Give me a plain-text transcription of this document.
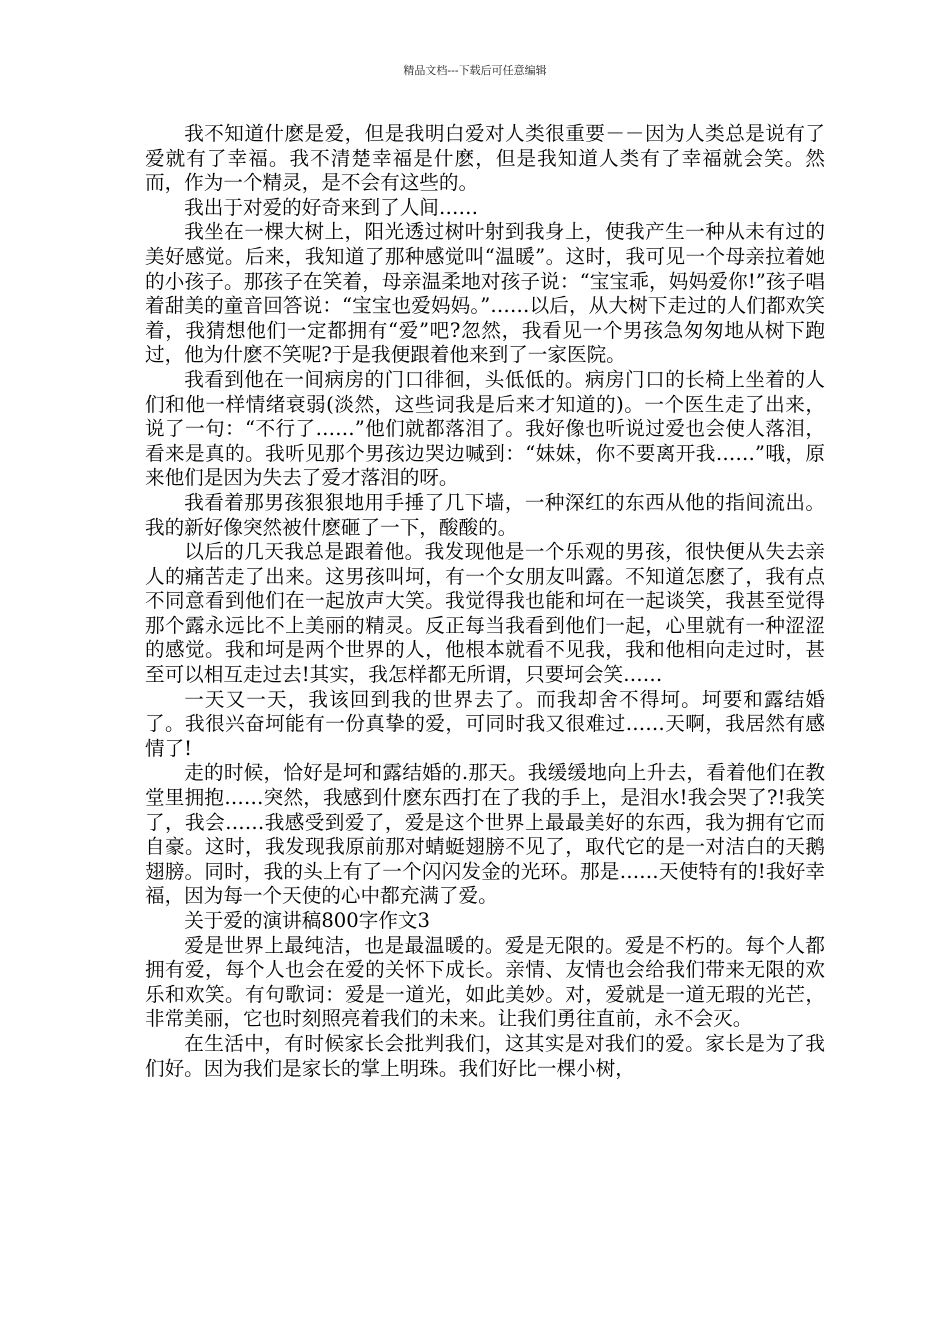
精品文档---下载后可任意编辑

我不知道什麽是爱，但是我明白爱对人类很重要－－因为人类总是说有了爱就有了幸福。我不清楚幸福是什麽，但是我知道人类有了幸福就会笑。然而，作为一个精灵，是不会有这些的。

我出于对爱的好奇来到了人间……

我坐在一棵大树上，阳光透过树叶射到我身上，使我产生一种从未有过的美好感觉。后来，我知道了那种感觉叫“温暖”。这时，我可见一个母亲拉着她的小孩子。那孩子在笑着，母亲温柔地对孩子说：“宝宝乖，妈妈爱你!”孩子唱着甜美的童音回答说：“宝宝也爱妈妈。”……以后，从大树下走过的人们都欢笑着，我猜想他们一定都拥有“爱”吧?忽然，我看见一个男孩急匆匆地从树下跑过，他为什麽不笑呢?于是我便跟着他来到了一家医院。

我看到他在一间病房的门口徘徊，头低低的。病房门口的长椅上坐着的人们和他一样情绪衰弱(淡然，这些词我是后来才知道的)。一个医生走了出来，说了一句：“不行了……”他们就都落泪了。我好像也听说过爱也会使人落泪，看来是真的。我听见那个男孩边哭边喊到：“妹妹，你不要离开我……”哦，原来他们是因为失去了爱才落泪的呀。

我看着那男孩狠狠地用手捶了几下墙，一种深红的东西从他的指间流出。我的新好像突然被什麽砸了一下，酸酸的。

以后的几天我总是跟着他。我发现他是一个乐观的男孩，很快便从失去亲人的痛苦走了出来。这男孩叫坷，有一个女朋友叫露。不知道怎麽了，我有点不同意看到他们在一起放声大笑。我觉得我也能和坷在一起谈笑，我甚至觉得那个露永远比不上美丽的精灵。反正每当我看到他们一起，心里就有一种涩涩的感觉。我和坷是两个世界的人，他根本就看不见我，我和他相向走过时，甚至可以相互走过去!其实，我怎样都无所谓，只要坷会笑……

一天又一天，我该回到我的世界去了。而我却舍不得坷。坷要和露结婚了。我很兴奋坷能有一份真挚的爱，可同时我又很难过……天啊，我居然有感情了!

走的时候，恰好是坷和露结婚的.那天。我缓缓地向上升去，看着他们在教堂里拥抱……突然，我感到什麽东西打在了我的手上，是泪水!我会哭了?!我笑了，我会……我感受到爱了，爱是这个世界上最最美好的东西，我为拥有它而自豪。这时，我发现我原前那对蜻蜓翅膀不见了，取代它的是一对洁白的天鹅翅膀。同时，我的头上有了一个闪闪发金的光环。那是……天使特有的!我好幸福，因为每一个天使的心中都充满了爱。

关于爱的演讲稿800字作文3

爱是世界上最纯洁，也是最温暖的。爱是无限的。爱是不朽的。每个人都拥有爱，每个人也会在爱的关怀下成长。亲情、友情也会给我们带来无限的欢乐和欢笑。有句歌词：爱是一道光，如此美妙。对，爱就是一道无瑕的光芒，非常美丽，它也时刻照亮着我们的未来。让我们勇往直前，永不会灭。

在生活中，有时候家长会批判我们，这其实是对我们的爱。家长是为了我们好。因为我们是家长的掌上明珠。我们好比一棵小树，
